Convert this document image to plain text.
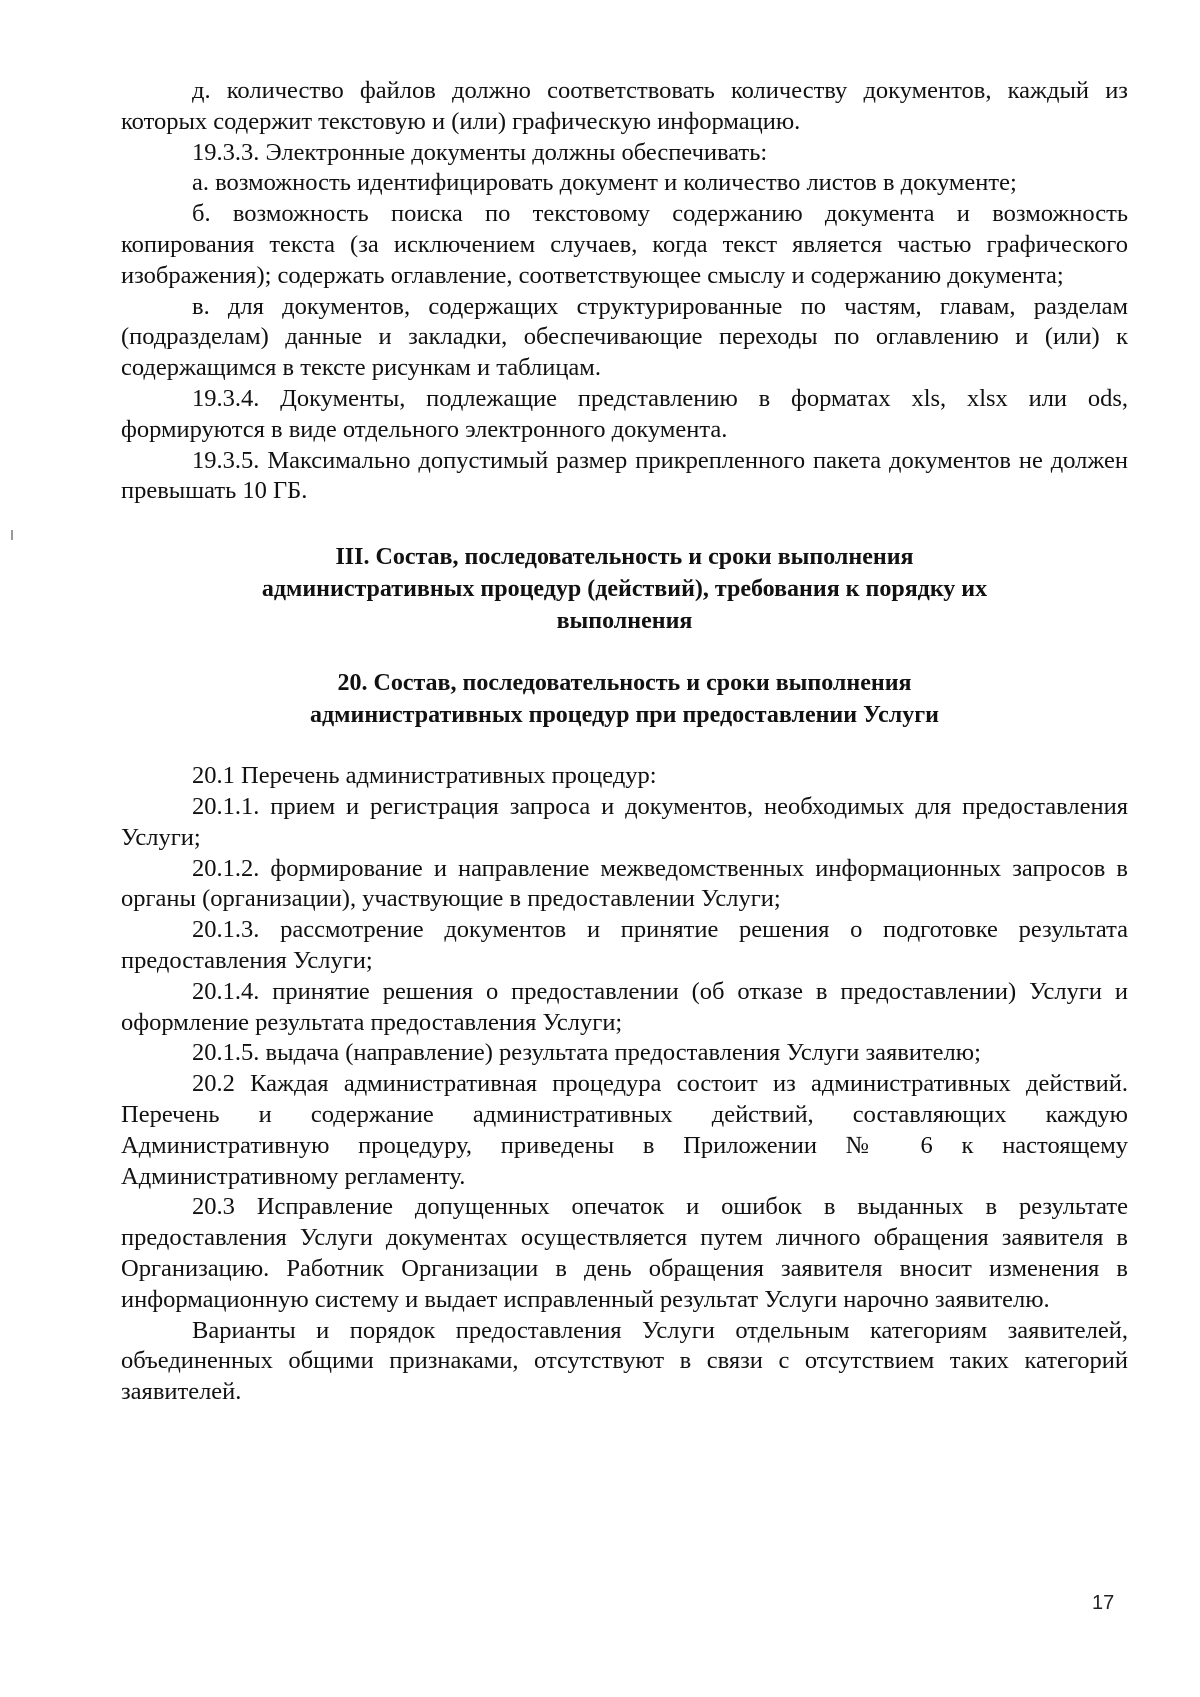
д. количество файлов должно соответствовать количеству документов, каждый из которых содержит текстовую и (или) графическую информацию.

19.3.3. Электронные документы должны обеспечивать:

а. возможность идентифицировать документ и количество листов в документе;

б. возможность поиска по текстовому содержанию документа и возможность копирования текста (за исключением случаев, когда текст является частью графического изображения); содержать оглавление, соответствующее смыслу и содержанию документа;

в. для документов, содержащих структурированные по частям, главам, разделам (подразделам) данные и закладки, обеспечивающие переходы по оглавлению и (или) к содержащимся в тексте рисункам и таблицам.

19.3.4. Документы, подлежащие представлению в форматах xls, xlsx или ods, формируются в виде отдельного электронного документа.

19.3.5. Максимально допустимый размер прикрепленного пакета документов не должен превышать 10 ГБ.

III. Состав, последовательность и сроки выполнения
административных процедур (действий), требования к порядку их
выполнения
20. Состав, последовательность и сроки выполнения
административных процедур при предоставлении Услуги

20.1 Перечень административных процедур:

20.1.1. прием и регистрация запроса и документов, необходимых для предоставления Услуги;

20.1.2. формирование и направление межведомственных информационных запросов в органы (организации), участвующие в предоставлении Услуги;

20.1.3. рассмотрение документов и принятие решения о подготовке результата предоставления Услуги;

20.1.4. принятие решения о предоставлении (об отказе в предоставлении) Услуги и оформление результата предоставления Услуги;

20.1.5. выдача (направление) результата предоставления Услуги заявителю;

20.2 Каждая административная процедура состоит из административных действий. Перечень и содержание административных действий, составляющих каждую Административную процедуру, приведены в Приложении № 6 к настоящему Административному регламенту.

20.3 Исправление допущенных опечаток и ошибок в выданных в результате предоставления Услуги документах осуществляется путем личного обращения заявителя в Организацию. Работник Организации в день обращения заявителя вносит изменения в информационную систему и выдает исправленный результат Услуги нарочно заявителю.

Варианты и порядок предоставления Услуги отдельным категориям заявителей, объединенных общими признаками, отсутствуют в связи с отсутствием таких категорий заявителей.

17
